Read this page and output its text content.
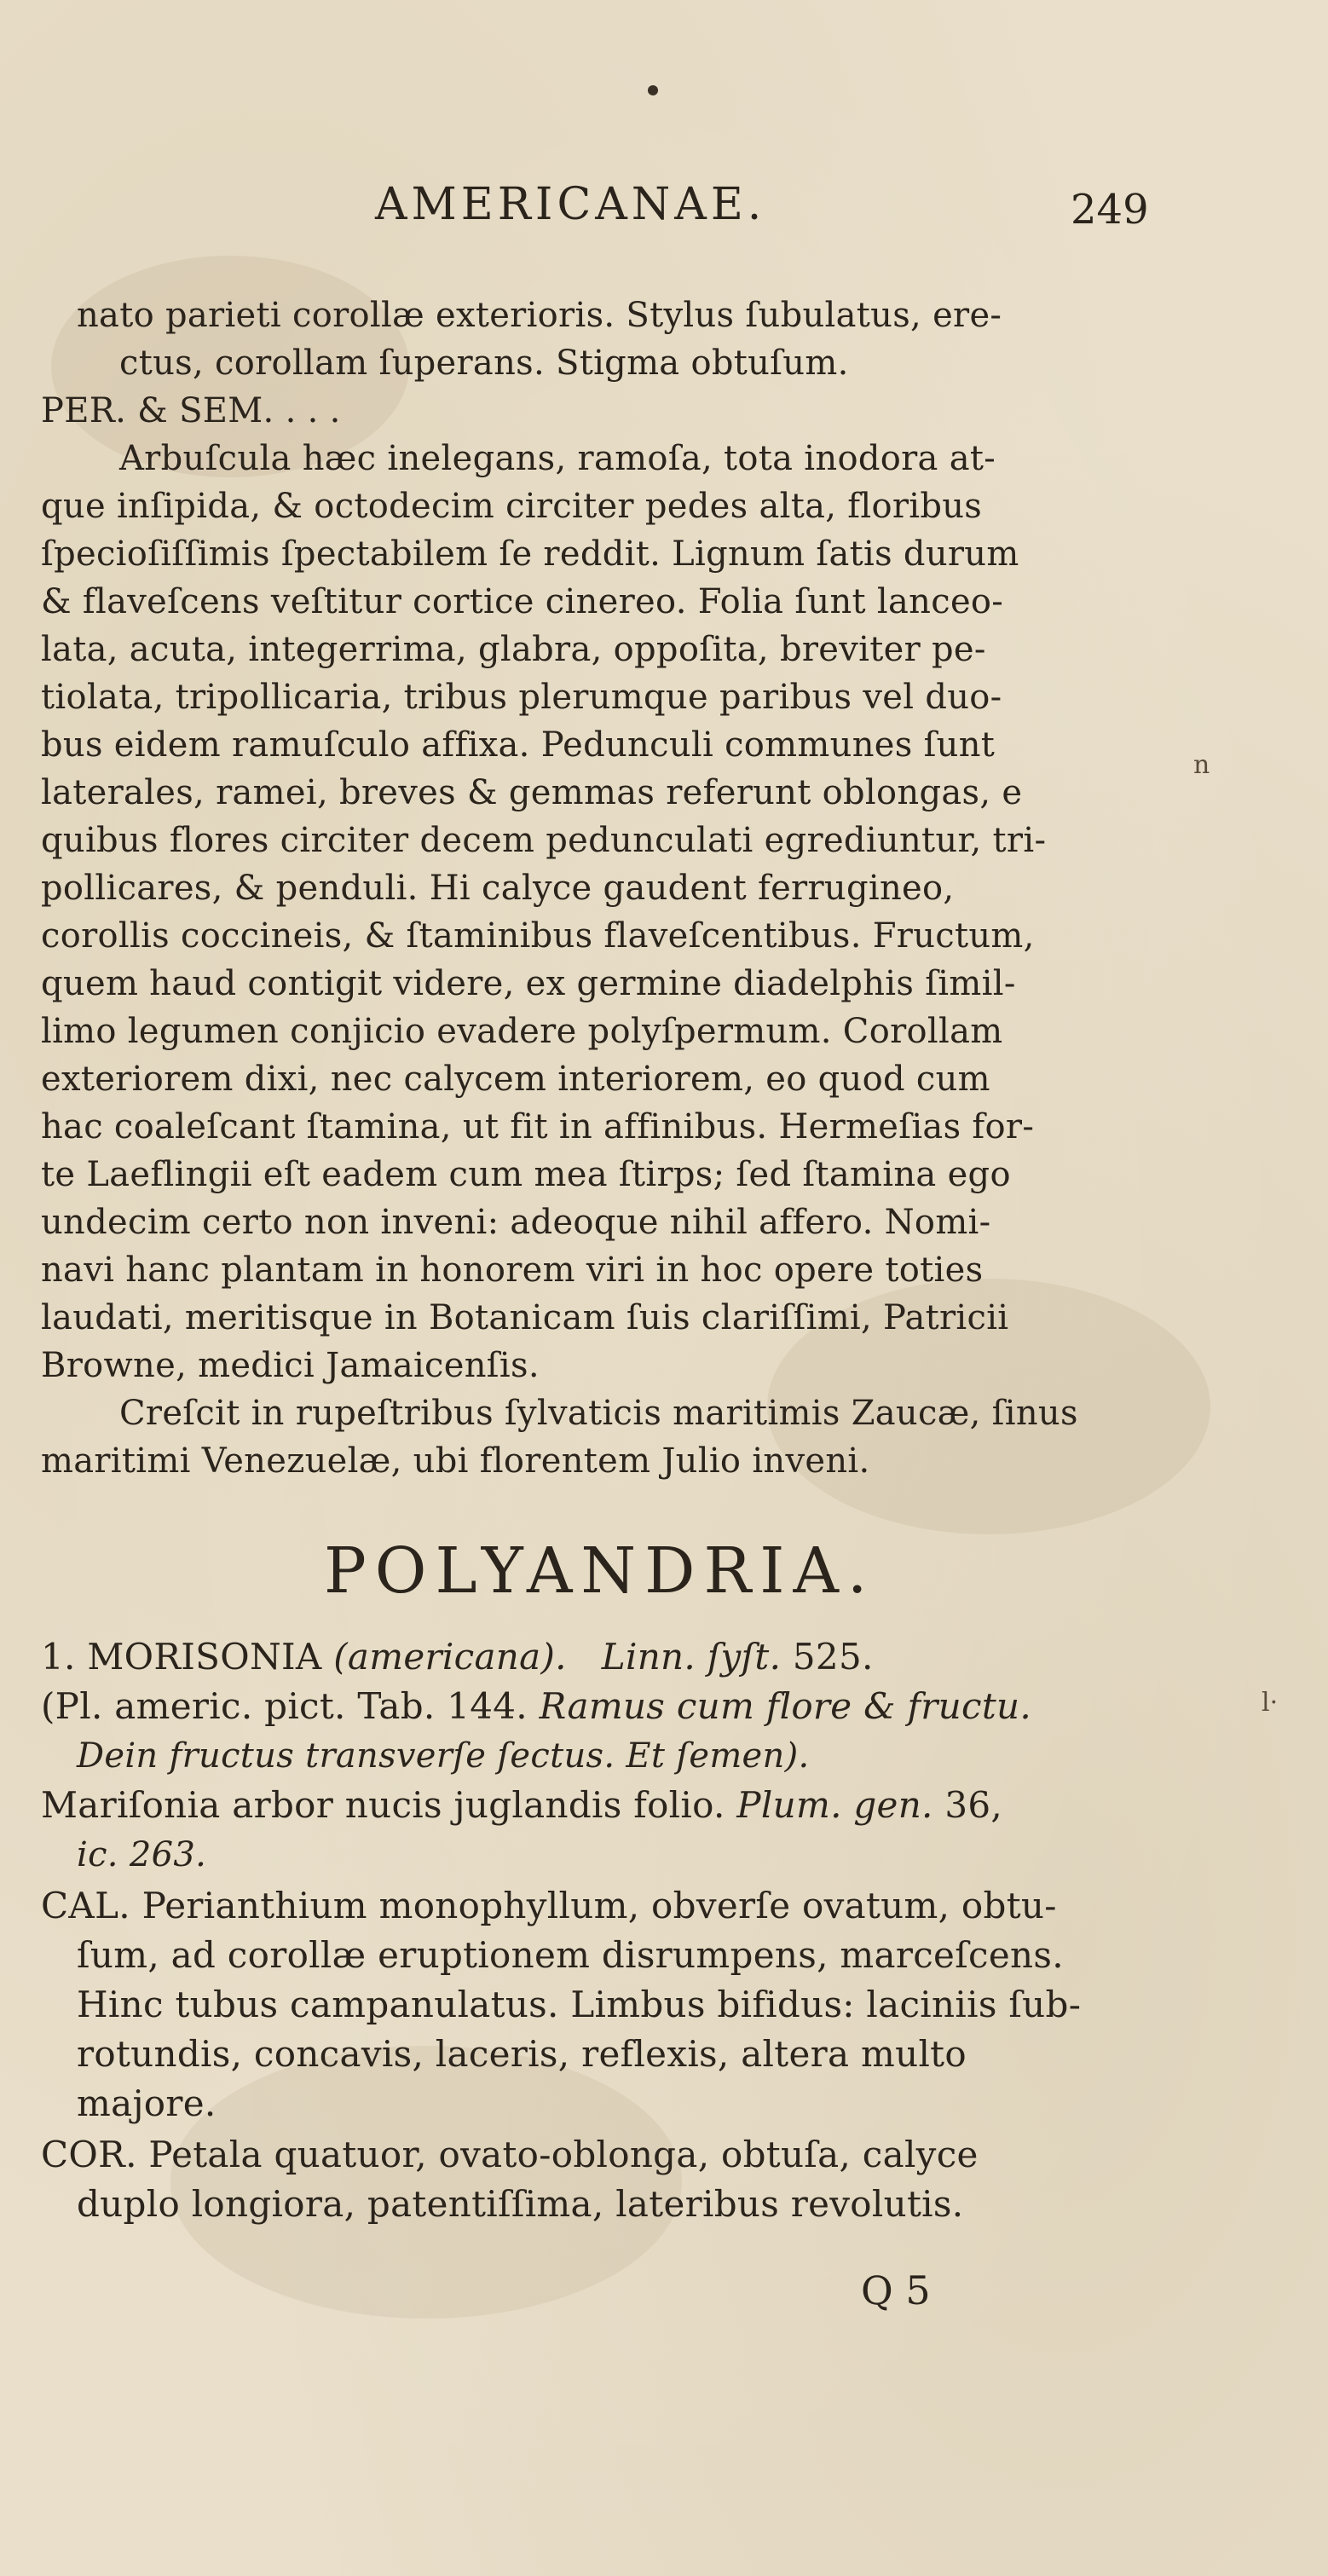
AMERICANAE.	249
nato parieti corollæ exterioris. Stylus ſubulatus, ere-
ctus, corollam ſuperans. Stigma obtuſum.
PER. & SEM. . . .
Arbuſcula hæc inelegans, ramoſa, tota inodora at-
que inſipida, & octodecim circiter pedes alta, floribus
ſpecioſiſſimis ſpectabilem ſe reddit. Lignum ſatis durum
& flaveſcens veſtitur cortice cinereo. Folia ſunt lanceo-
lata, acuta, integerrima, glabra, oppoſita, breviter pe-
tiolata, tripollicaria, tribus plerumque paribus vel duo-
bus eidem ramuſculo affixa. Pedunculi communes ſunt
laterales, ramei, breves & gemmas referunt oblongas, e
quibus flores circiter decem pedunculati egrediuntur, tri-
pollicares, & penduli. Hi calyce gaudent ferrugineo,
corollis coccineis, & ſtaminibus flaveſcentibus. Fructum,
quem haud contigit videre, ex germine diadelphis ſimil-
limo legumen conjicio evadere polyſpermum. Corollam
exteriorem dixi, nec calycem interiorem, eo quod cum
hac coaleſcant ſtamina, ut fit in affinibus. Hermeſias for-
te Laeflingii eſt eadem cum mea ſtirps; ſed ſtamina ego
undecim certo non inveni: adeoque nihil affero. Nomi-
navi hanc plantam in honorem viri in hoc opere toties
laudati, meritisque in Botanicam ſuis clariſſimi, Patricii
Browne, medici Jamaicenſis.
Creſcit in rupeſtribus ſylvaticis maritimis Zaucæ, ſinus
maritimi Venezuelæ, ubi florentem Julio inveni.
POLYANDRIA.
1. MORISONIA (americana). Linn. ſyſt. 525.
(Pl. americ. pict. Tab. 144. Ramus cum flore & fructu.
Dein fructus transverſe ſectus. Et ſemen).
Mariſonia arbor nucis juglandis folio. Plum. gen. 36,
ic. 263.
CAL. Perianthium monophyllum, obverſe ovatum, obtu-
ſum, ad corollæ eruptionem disrumpens, marceſcens.
Hinc tubus campanulatus. Limbus bifidus: laciniis ſub-
rotundis, concavis, laceris, reflexis, altera multo
majore.
COR. Petala quatuor, ovato-oblonga, obtuſa, calyce
duplo longiora, patentiſſima, lateribus revolutis.
Q 5
n
l·
